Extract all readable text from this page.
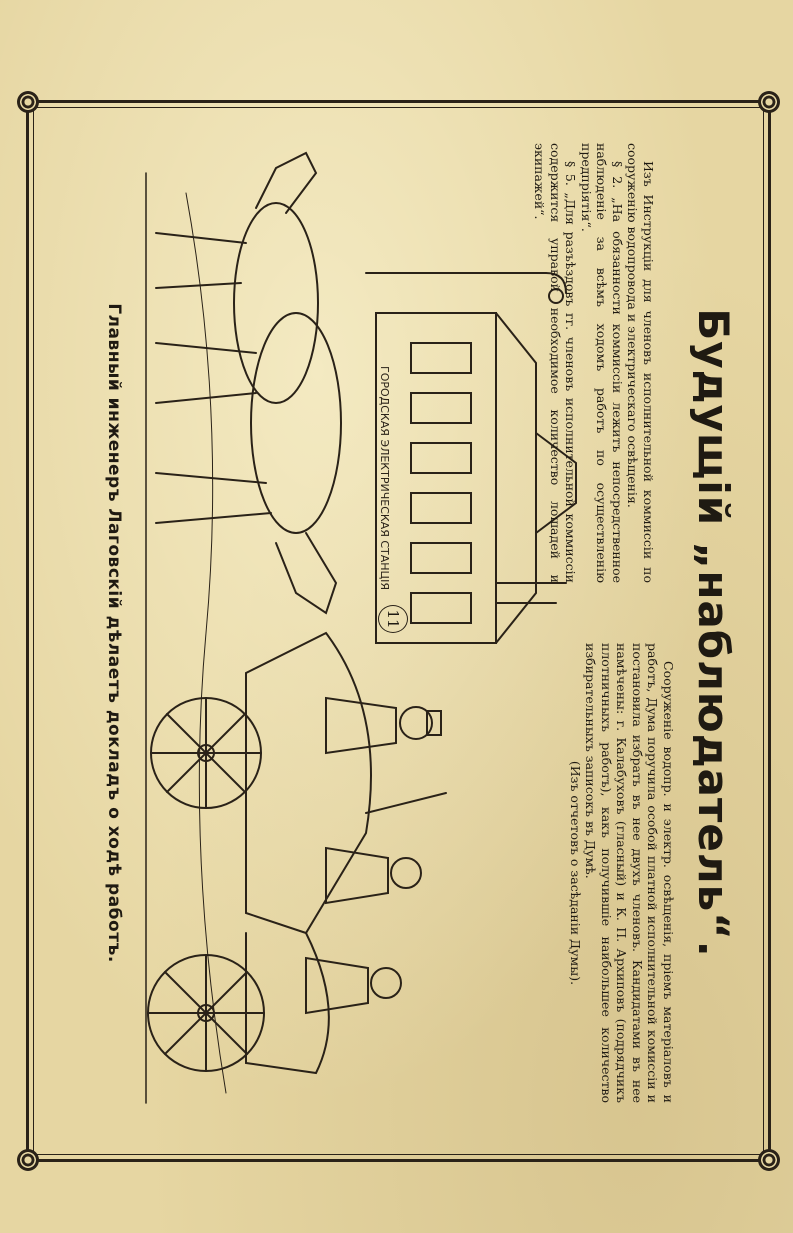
11	Будущій „наблюдатель“.
ГОРОДСКАЯ ЭЛЕКТРИЧЕСКАЯ СТАНЦІЯ	Изъ Инструкціи для членовъ исполнительной коммиссіи по сооруженію водопровода и электрическаго освѣщенія.

§ 2. „На обязанности коммиссіи лежитъ непосредственное наблюденіе за всѣмъ ходомъ работъ по осуществленію предпріятія“.

§ 5. „Для разъѣздовъ гг. членовъ исполнительной коммиссіи содержится управой необходимое количество лошадей и экипажей“.

Сооруженіе водопр. и электр. освѣщенія, пріемъ матеріаловъ и работъ, Дума поручила особой платной исполнительной комиссіи и постановила избрать въ нее двухъ членовъ. Кандидатами въ нее намѣчены: г. Калабуховъ (гласный) и К. П. Архиповъ (подрядчикъ плотничныхъ работъ), какъ получившіе наибольшее количество избирательныхъ записокъ въ Думѣ.

(Изъ отчетовъ о засѣданіи Думы).

Главный инженеръ Лаговскій дѣлаетъ докладъ о ходѣ работъ.
